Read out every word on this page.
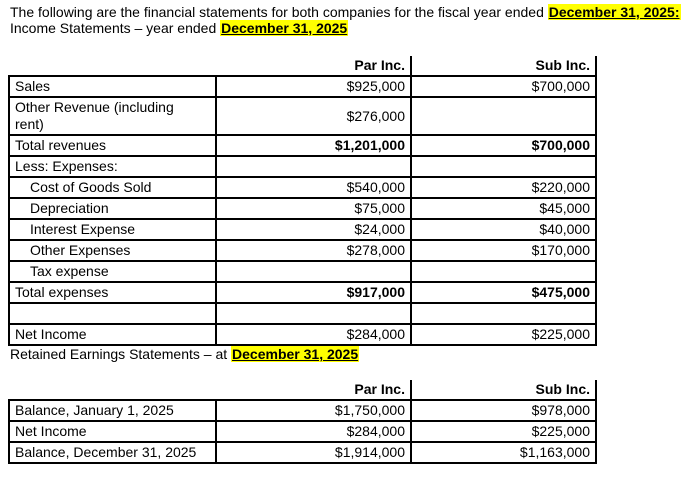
The following are the financial statements for both companies for the fiscal year ended December 31, 2025:

Income Statements – year ended December 31, 2025

	Par Inc.	Sub Inc.
Sales	$925,000	$700,000
Other Revenue (including rent)	$276,000	
Total revenues	$1,201,000	$700,000
Less: Expenses:		
Cost of Goods Sold	$540,000	$220,000
Depreciation	$75,000	$45,000
Interest Expense	$24,000	$40,000
Other Expenses	$278,000	$170,000
Tax expense		
Total expenses	$917,000	$475,000

Net Income	$284,000	$225,000

Retained Earnings Statements – at December 31, 2025

	Par Inc.	Sub Inc.
Balance, January 1, 2025	$1,750,000	$978,000
Net Income	$284,000	$225,000
Balance, December 31, 2025	$1,914,000	$1,163,000
